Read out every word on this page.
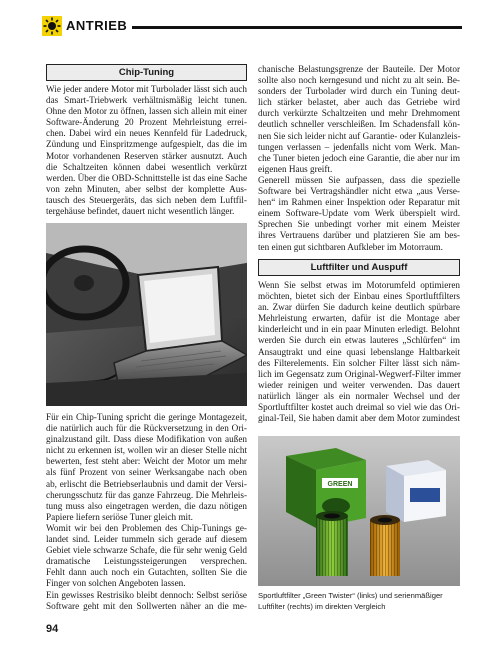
ANTRIEB
Chip-Tuning
Wie jeder andere Motor mit Turbolader lässt sich auch
das Smart-Triebwerk verhältnismäßig leicht tunen.
Ohne den Motor zu öffnen, lassen sich allein mit einer
Software-Änderung 20 Prozent Mehrleistung errei-
chen. Dabei wird ein neues Kennfeld für Ladedruck,
Zündung und Einspritzmenge aufgespielt, das die im
Motor vorhandenen Reserven stärker ausnutzt. Auch
die Schaltzeiten können dabei wesentlich verkürzt
werden. Über die OBD-Schnittstelle ist das eine Sache
von zehn Minuten, aber selbst der komplette Aus-
tausch des Steuergeräts, das sich neben dem Luftfil-
tergehäuse befindet, dauert nicht wesentlich länger.
Für ein Chip-Tuning spricht die geringe Montagezeit,
die natürlich auch für die Rückversetzung in den Ori-
ginalzustand gilt. Dass diese Modifikation von außen
nicht zu erkennen ist, wollen wir an dieser Stelle nicht
bewerten, fest steht aber: Weicht der Motor um mehr
als fünf Prozent von seiner Werksangabe nach oben
ab, erlischt die Betriebserlaubnis und damit der Versi-
cherungsschutz für das ganze Fahrzeug. Die Mehrleis-
tung muss also eingetragen werden, die dazu nötigen
Papiere liefern seriöse Tuner gleich mit.
Womit wir bei den Problemen des Chip-Tunings ge-
landet sind. Leider tummeln sich gerade auf diesem
Gebiet viele schwarze Schafe, die für sehr wenig Geld
dramatische Leistungssteigerungen versprechen.
Fehlt dann auch noch ein Gutachten, sollten Sie die
Finger von solchen Angeboten lassen.
Ein gewisses Restrisiko bleibt dennoch: Selbst seriöse
Software geht mit den Sollwerten näher an die me-
chanische Belastungsgrenze der Bauteile. Der Motor
sollte also noch kerngesund und nicht zu alt sein. Be-
sonders der Turbolader wird durch ein Tuning deut-
lich stärker belastet, aber auch das Getriebe wird
durch verkürzte Schaltzeiten und mehr Drehmoment
deutlich schneller verschleißen. Im Schadensfall kön-
nen Sie sich leider nicht auf Garantie- oder Kulanzleis-
tungen verlassen – jedenfalls nicht vom Werk. Man-
che Tuner bieten jedoch eine Garantie, die aber nur im
eigenen Haus greift.
Generell müssen Sie aufpassen, dass die spezielle
Software bei Vertragshändler nicht etwa „aus Verse-
hen“ im Rahmen einer Inspektion oder Reparatur mit
einem Software-Update vom Werk überspielt wird.
Sprechen Sie unbedingt vorher mit einem Meister
ihres Vertrauens darüber und platzieren Sie am bes-
ten einen gut sichtbaren Aufkleber im Motorraum.
Luftfilter und Auspuff
Wenn Sie selbst etwas im Motorumfeld optimieren
möchten, bietet sich der Einbau eines Sportluftfilters
an. Zwar dürfen Sie dadurch keine deutlich spürbare
Mehrleistung erwarten, dafür ist die Montage aber
kinderleicht und in ein paar Minuten erledigt. Belohnt
werden Sie durch ein etwas lauteres „Schlürfen“ im
Ansaugtrakt und eine quasi lebenslange Haltbarkeit
des Filterelements. Ein solcher Filter lässt sich näm-
lich im Gegensatz zum Original-Wegwerf-Filter immer
wieder reinigen und weiter verwenden. Das dauert
natürlich länger als ein normaler Wechsel und der
Sportluftfilter kostet auch dreimal so viel wie das Ori-
ginal-Teil, Sie haben damit aber dem Motor zumindest
GREEN
Sportluftfilter „Green Twister“ (links) und serienmäßiger
Luftfilter (rechts) im direkten Vergleich
94
